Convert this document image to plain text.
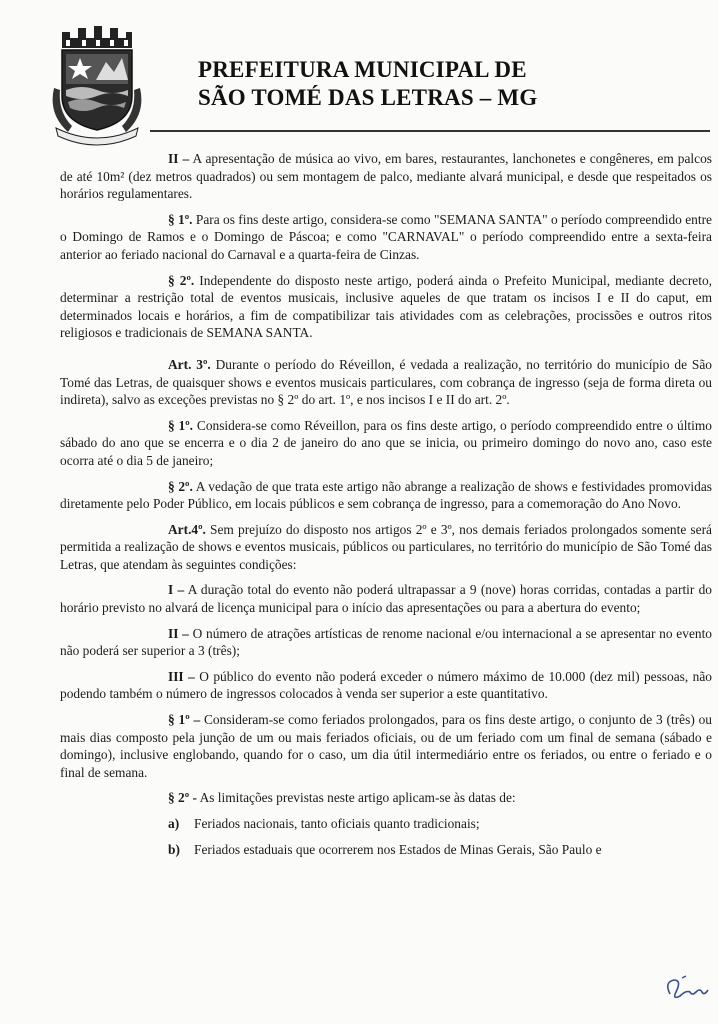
PREFEITURA MUNICIPAL DE
SÃO TOMÉ DAS LETRAS – MG

II – A apresentação de música ao vivo, em bares, restaurantes, lanchonetes e congêneres, em palcos de até 10m² (dez metros quadrados) ou sem montagem de palco, mediante alvará municipal, e desde que respeitados os horários regulamentares.

§ 1º. Para os fins deste artigo, considera-se como "SEMANA SANTA" o período compreendido entre o Domingo de Ramos e o Domingo de Páscoa; e como "CARNAVAL" o período compreendido entre a sexta-feira anterior ao feriado nacional do Carnaval e a quarta-feira de Cinzas.

§ 2º. Independente do disposto neste artigo, poderá ainda o Prefeito Municipal, mediante decreto, determinar a restrição total de eventos musicais, inclusive aqueles de que tratam os incisos I e II do caput, em determinados locais e horários, a fim de compatibilizar tais atividades com as celebrações, procissões e outros ritos religiosos e tradicionais de SEMANA SANTA.

Art. 3º. Durante o período do Réveillon, é vedada a realização, no território do município de São Tomé das Letras, de quaisquer shows e eventos musicais particulares, com cobrança de ingresso (seja de forma direta ou indireta), salvo as exceções previstas no § 2º do art. 1º, e nos incisos I e II do art. 2º.

§ 1º. Considera-se como Réveillon, para os fins deste artigo, o período compreendido entre o último sábado do ano que se encerra e o dia 2 de janeiro do ano que se inicia, ou primeiro domingo do novo ano, caso este ocorra até o dia 5 de janeiro;

§ 2º. A vedação de que trata este artigo não abrange a realização de shows e festividades promovidas diretamente pelo Poder Público, em locais públicos e sem cobrança de ingresso, para a comemoração do Ano Novo.

Art.4º. Sem prejuízo do disposto nos artigos 2º e 3º, nos demais feriados prolongados somente será permitida a realização de shows e eventos musicais, públicos ou particulares, no território do município de São Tomé das Letras, que atendam às seguintes condições:

I – A duração total do evento não poderá ultrapassar a 9 (nove) horas corridas, contadas a partir do horário previsto no alvará de licença municipal para o início das apresentações ou para a abertura do evento;

II – O número de atrações artísticas de renome nacional e/ou internacional a se apresentar no evento não poderá ser superior a 3 (três);

III – O público do evento não poderá exceder o número máximo de 10.000 (dez mil) pessoas, não podendo também o número de ingressos colocados à venda ser superior a este quantitativo.

§ 1º – Consideram-se como feriados prolongados, para os fins deste artigo, o conjunto de 3 (três) ou mais dias composto pela junção de um ou mais feriados oficiais, ou de um feriado com um final de semana (sábado e domingo), inclusive englobando, quando for o caso, um dia útil intermediário entre os feriados, ou entre o feriado e o final de semana.

§ 2º - As limitações previstas neste artigo aplicam-se às datas de:

a) Feriados nacionais, tanto oficiais quanto tradicionais;
b) Feriados estaduais que ocorrerem nos Estados de Minas Gerais, São Paulo e
